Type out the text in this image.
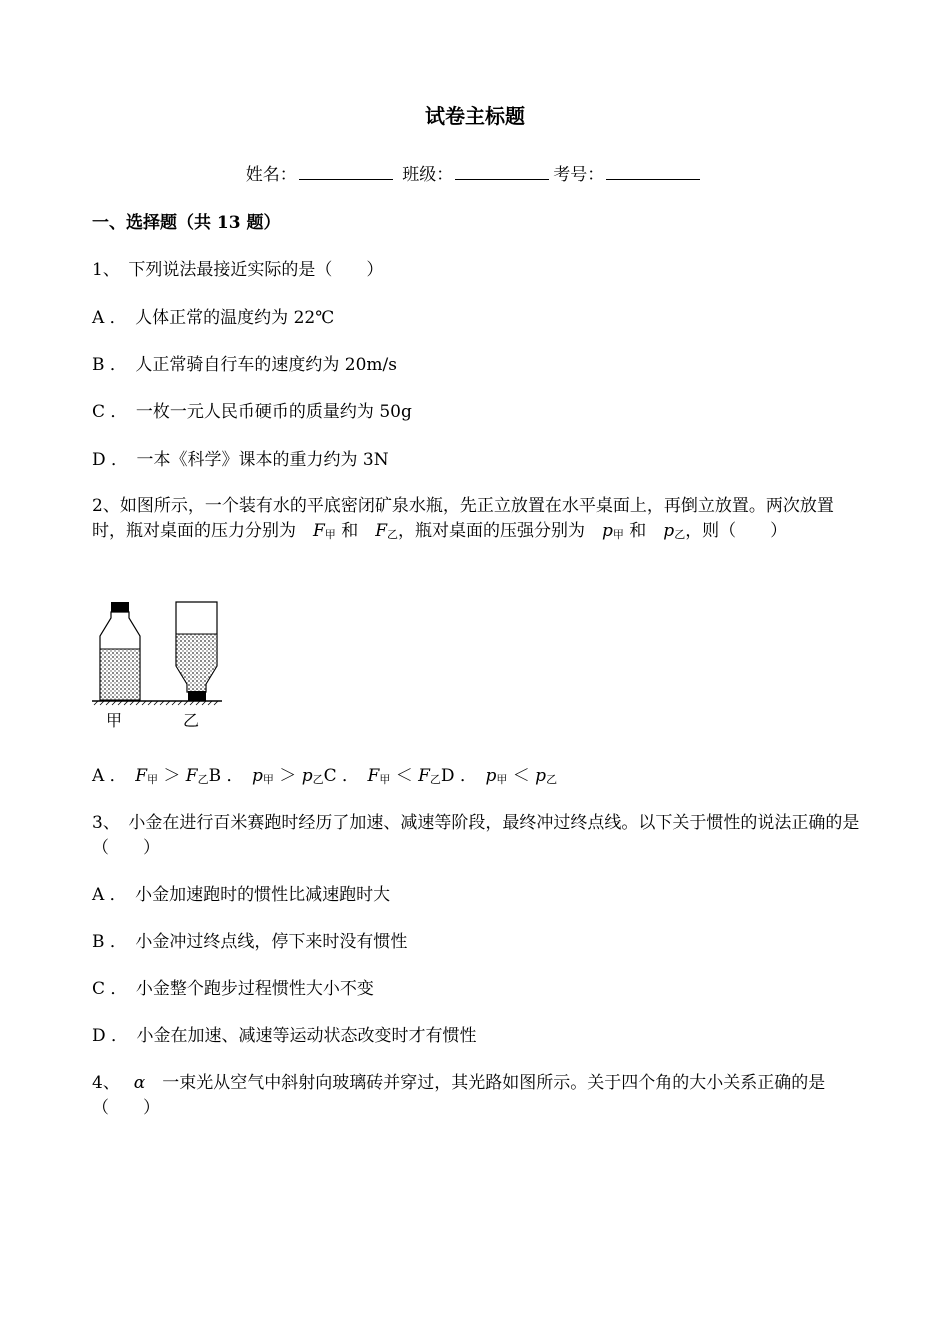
试卷主标题
姓名：	班级：	考号：
一、选择题（共 13 题）
1、　下列说法最接近实际的是（　　）
A ．　人体正常的温度约为 22℃
B ．　人正常骑自行车的速度约为 20m/s
C ．　一枚一元人民币硬币的质量约为 50g
D ．　一本《科学》课本的重力约为 3N
2、如图所示，一个装有水的平底密闭矿泉水瓶，先正立放置在水平桌面上，再倒立放置。两次放置时，瓶对桌面的压力分别为　 $F_甲$ 和　 $F_乙$，瓶对桌面的压强分别为　 $p_甲$ 和　 $p_乙$，则（　　）
甲	乙
A ．　 $F_甲 > F_乙B$ ．　 $p_甲 > p_乙C$ ．　 $F_甲 < F_乙D$ ．　 $p_甲 < p_乙$
3、　小金在进行百米赛跑时经历了加速、减速等阶段，最终冲过终点线。以下关于惯性的说法正确的是（　　）
A ．　小金加速跑时的惯性比减速跑时大
B ．　小金冲过终点线，停下来时没有惯性
C ．　小金整个跑步过程惯性大小不变
D ．　小金在加速、减速等运动状态改变时才有惯性
4、　 α　 一束光从空气中斜射向玻璃砖并穿过，其光路如图所示。关于四个角的大小关系正确的是（　　）
